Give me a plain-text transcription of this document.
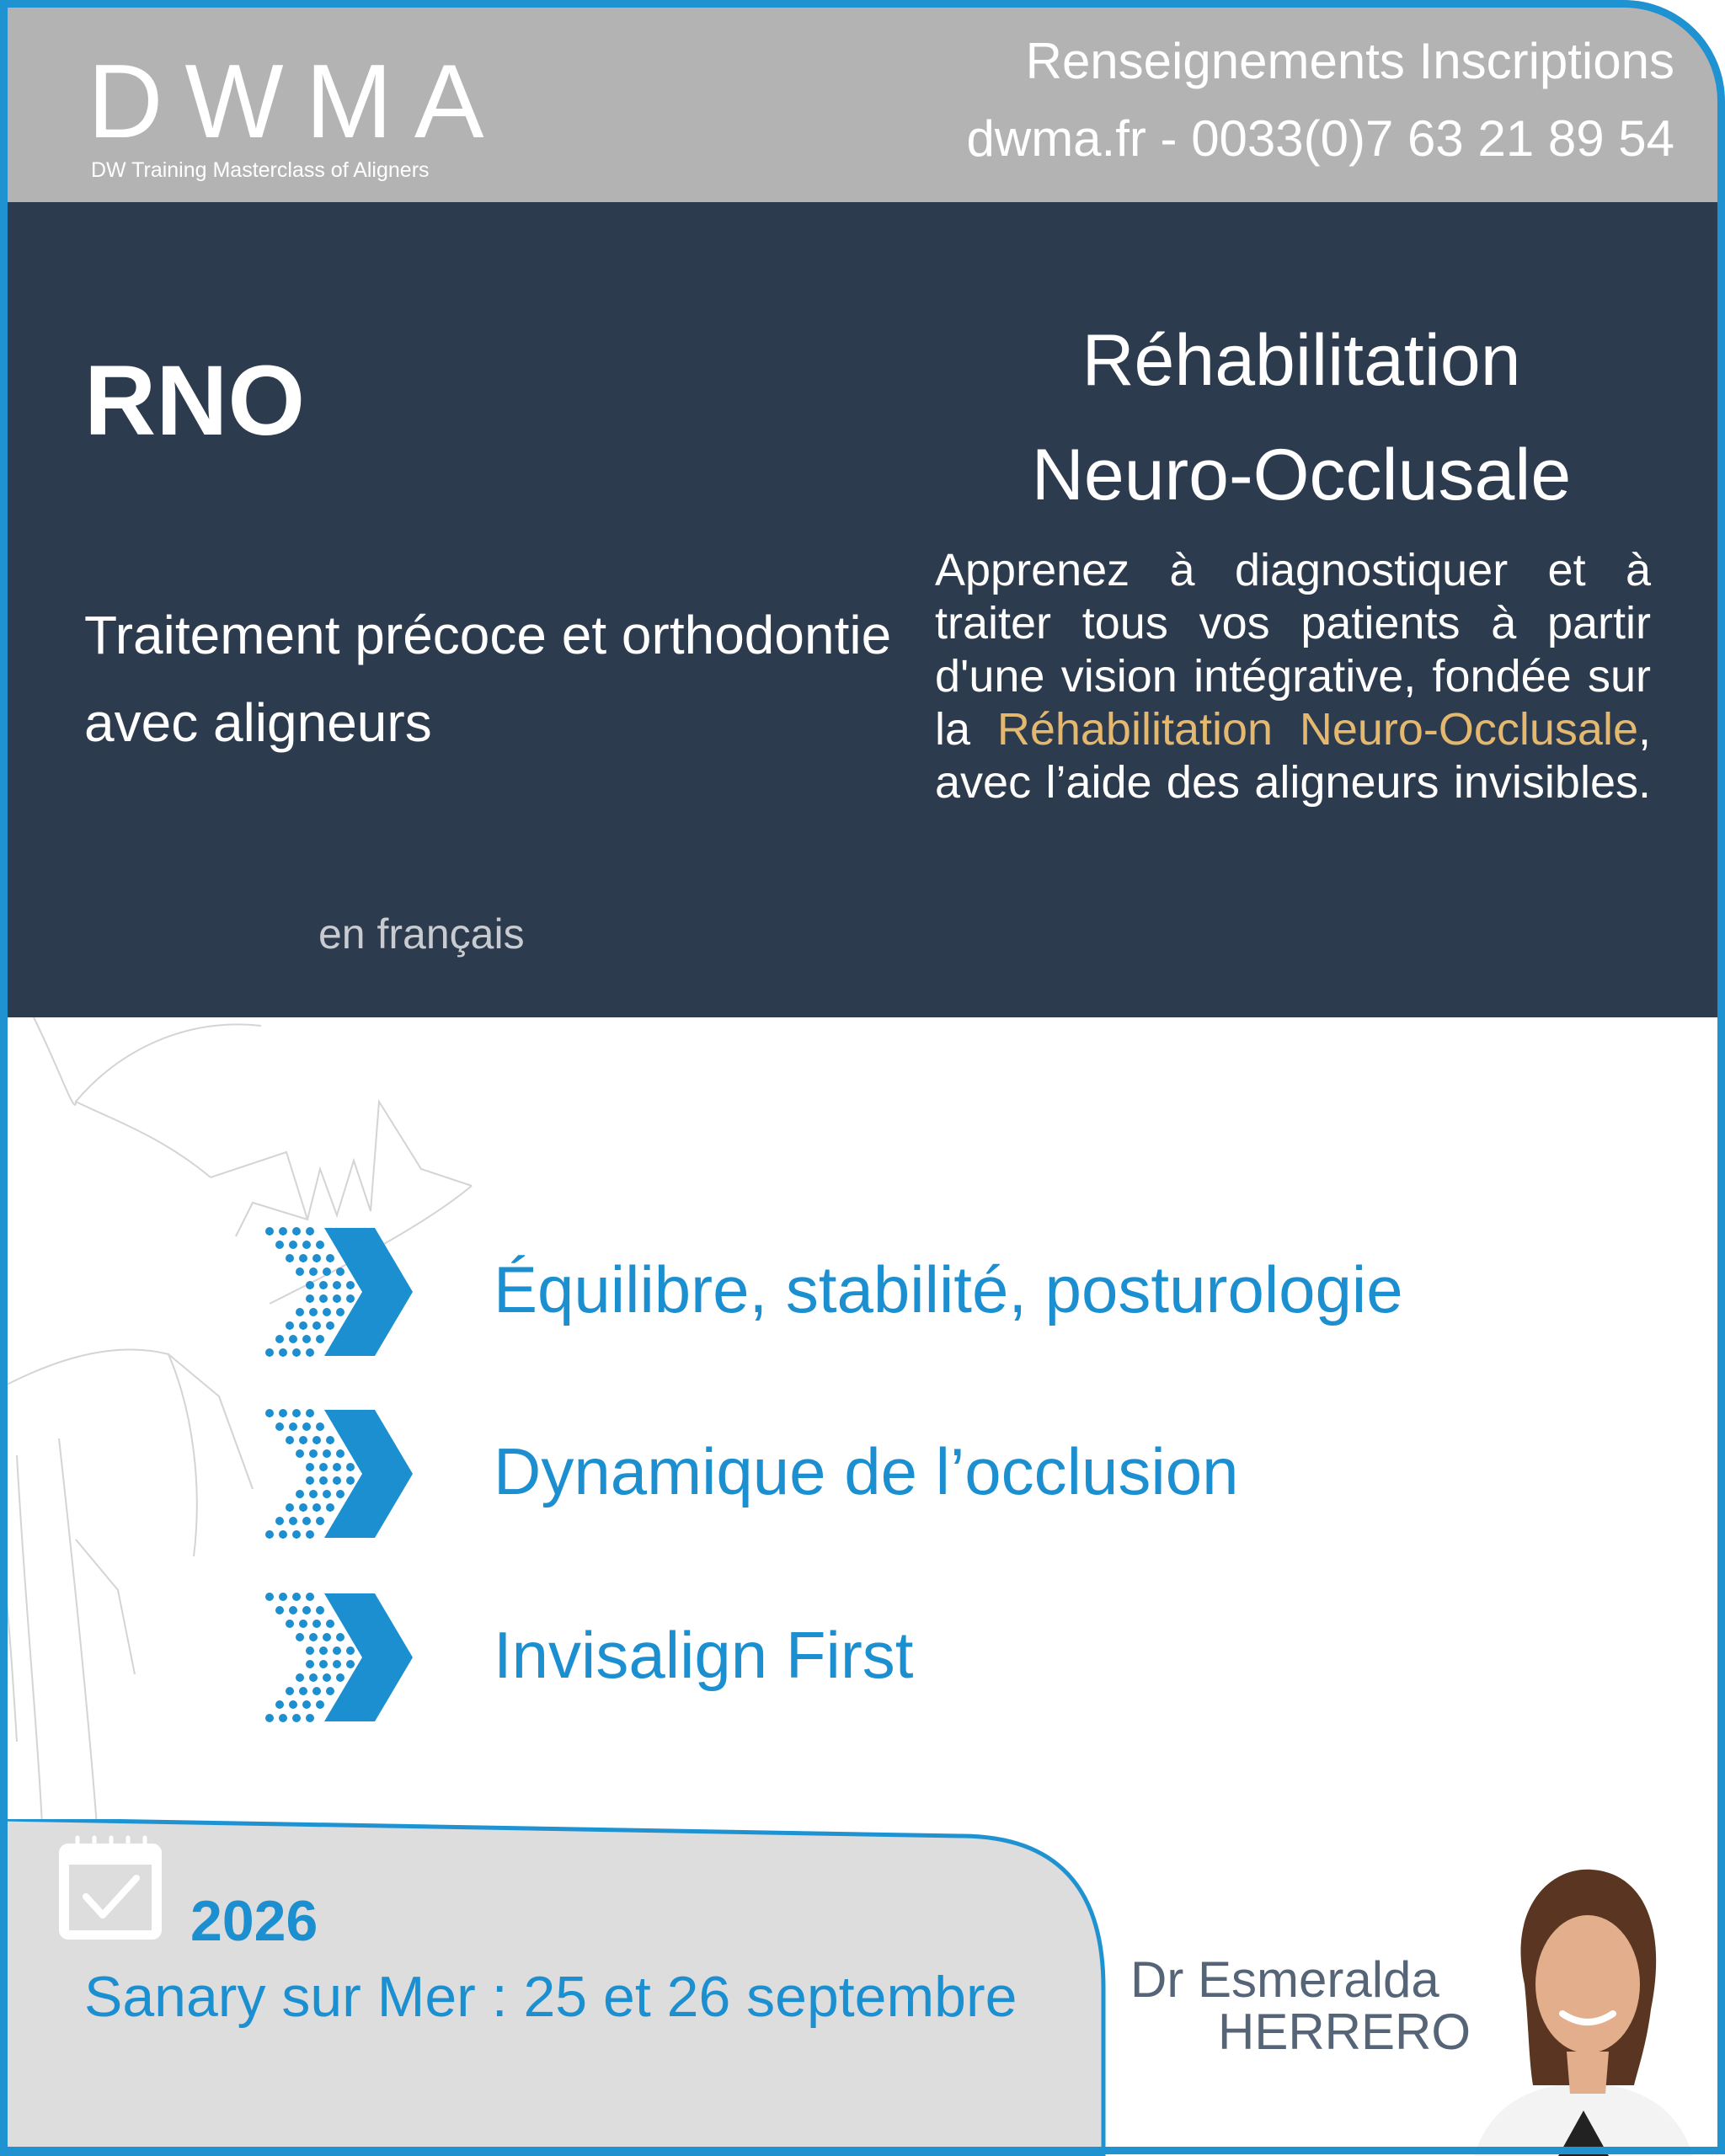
DWMA
DW Training Masterclass of Aligners
Renseignements Inscriptions
dwma.fr - 0033(0)7 63 21 89 54
RNO
Traitement précoce et orthodontie avec aligneurs
en français
Réhabilitation
Neuro-Occlusale
Apprenez à diagnostiquer et à traiter tous vos patients à partir d'une vision intégrative, fondée sur la Réhabilitation Neuro-Occlusale, avec l’aide des aligneurs invisibles.
Équilibre, stabilité, posturologie
Dynamique de l’occlusion
Invisalign First
2026
Sanary sur Mer : 25 et 26 septembre Dr Esmeralda
HERRERO
